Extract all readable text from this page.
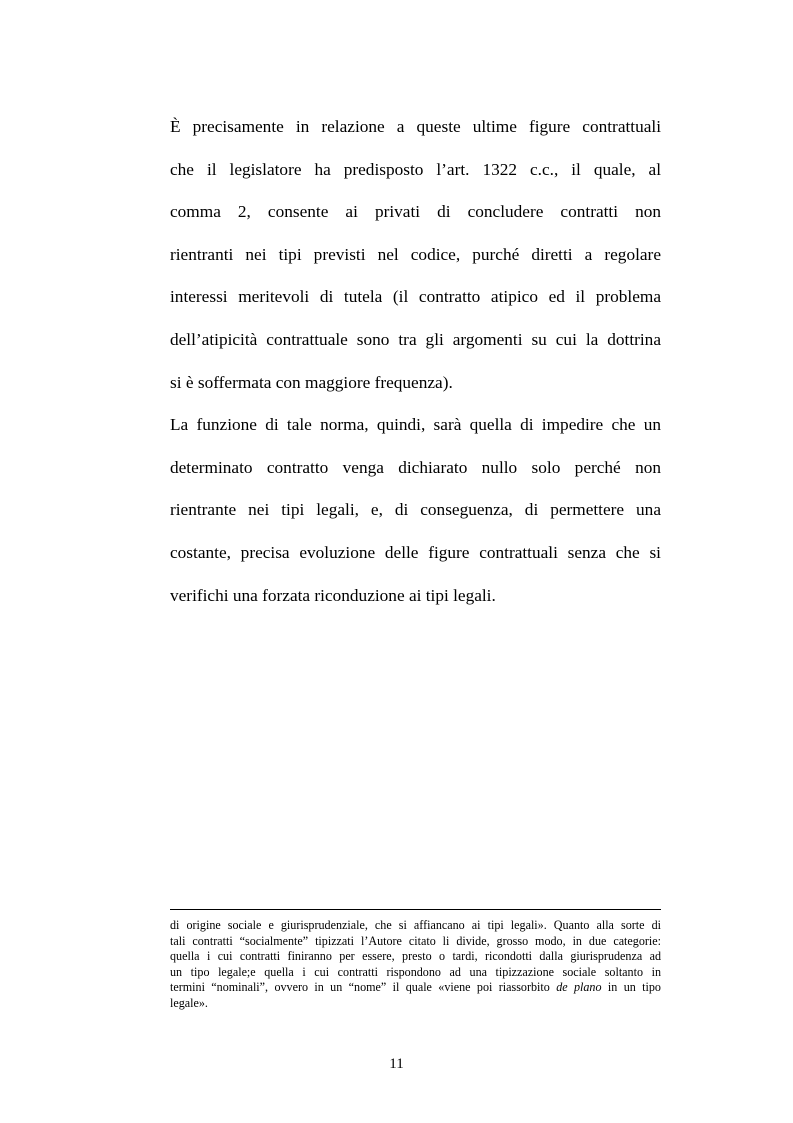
È precisamente in relazione a queste ultime figure contrattuali
che il legislatore ha predisposto l’art. 1322 c.c., il quale, al
comma 2, consente ai privati di concludere contratti non
rientranti nei tipi previsti nel codice, purché diretti a regolare
interessi meritevoli di tutela (il contratto atipico ed il problema
dell’atipicità contrattuale sono tra gli argomenti su cui la dottrina
si è soffermata con maggiore frequenza).
La funzione di tale norma, quindi, sarà quella di impedire che un
determinato contratto venga dichiarato nullo solo perché non
rientrante nei tipi legali, e, di conseguenza, di permettere una
costante, precisa evoluzione delle figure contrattuali senza che si
verifichi una forzata riconduzione ai tipi legali.
di origine sociale e giurisprudenziale, che si affiancano ai tipi legali». Quanto alla sorte di
tali contratti “socialmente” tipizzati l’Autore citato li divide, grosso modo, in due categorie:
quella i cui contratti finiranno per essere, presto o tardi, ricondotti dalla giurisprudenza ad
un tipo legale;e quella i cui contratti rispondono ad una tipizzazione sociale soltanto in
termini “nominali”, ovvero in un “nome” il quale «viene poi riassorbito de plano in un tipo
legale».
11
